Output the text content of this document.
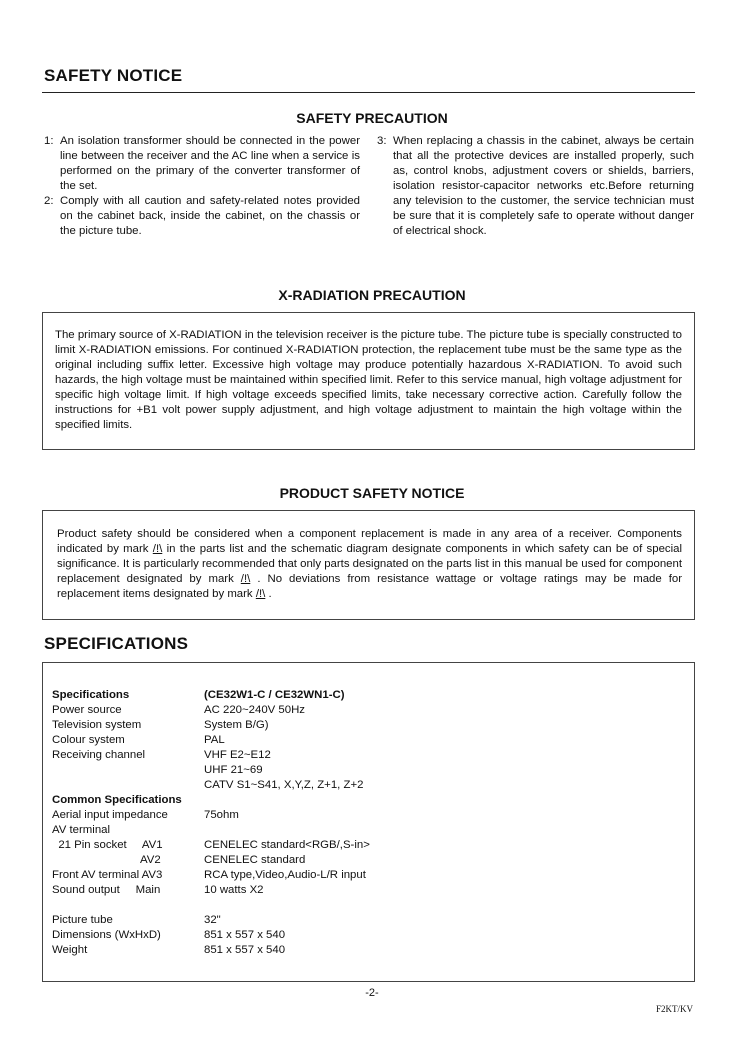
SAFETY NOTICE
SAFETY PRECAUTION
1: An isolation transformer should be connected in the power line between the receiver and the AC line when a service is performed on the primary of the converter transformer of the set.
2: Comply with all caution and safety-related notes provided on the cabinet back, inside the cabinet, on the chassis or the picture tube.
3: When replacing a chassis in the cabinet, always be certain that all the protective devices are installed properly, such as, control knobs, adjustment covers or shields, barriers, isolation resistor-capacitor networks etc.Before returning any television to the customer, the service technician must be sure that it is completely safe to operate without danger of electrical shock.
X-RADIATION PRECAUTION
The primary source of X-RADIATION in the television receiver is the picture tube. The picture tube is specially constructed to limit X-RADIATION emissions. For continued X-RADIATION protection, the replacement tube must be the same type as the original including suffix letter. Excessive high voltage may produce potentially hazardous X-RADIATION. To avoid such hazards, the high voltage must be maintained within specified limit. Refer to this service manual, high voltage adjustment for specific high voltage limit. If high voltage exceeds specified limits, take necessary corrective action. Carefully follow the instructions for +B1 volt power supply adjustment, and high voltage adjustment to maintain the high voltage within the specified limits.
PRODUCT SAFETY NOTICE
Product safety should be considered when a component replacement is made in any area of a receiver. Components indicated by mark /!\ in the parts list and the schematic diagram designate components in which safety can be of special significance. It is particularly recommended that only parts designated on the parts list in this manual be used for component replacement designated by mark /!\ . No deviations from resistance wattage or voltage ratings may be made for replacement items designated by mark /!\ .
SPECIFICATIONS
Specifications	(CE32W1-C / CE32WN1-C)
Power source	AC 220~240V 50Hz
Television system	System B/G)
Colour system	PAL
Receiving channel	VHF E2~E12
UHF 21~69
CATV S1~S41, X,Y,Z, Z+1, Z+2
Common Specifications
Aerial input impedance	75ohm
AV terminal
21 Pin socket     AV1	CENELEC standard<RGB/,S-in>
AV2	CENELEC standard
Front AV terminal AV3	RCA type,Video,Audio-L/R input
Sound output     Main	10 watts X2
Picture tube	32"
Dimensions (WxHxD)	851 x 557 x 540
Weight	851 x 557 x 540
-2-
F2KT/KV
